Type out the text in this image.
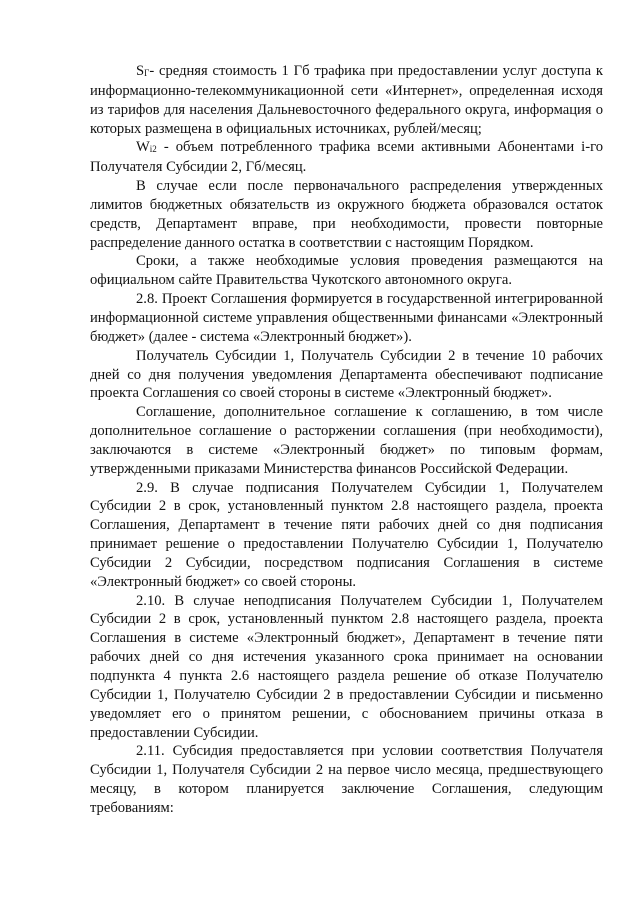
SГ- средняя стоимость 1 Гб трафика при предоставлении услуг доступа к информационно-телекоммуникационной сети «Интернет», определенная исходя из тарифов для населения Дальневосточного федерального округа, информация о которых размещена в официальных источниках, рублей/месяц;

Wi2 - объем потребленного трафика всеми активными Абонентами i-го Получателя Субсидии 2, Гб/месяц.

В случае если после первоначального распределения утвержденных лимитов бюджетных обязательств из окружного бюджета образовался остаток средств, Департамент вправе, при необходимости, провести повторные распределение данного остатка в соответствии с настоящим Порядком.

Сроки, а также необходимые условия проведения размещаются на официальном сайте Правительства Чукотского автономного округа.

2.8. Проект Соглашения формируется в государственной интегрированной информационной системе управления общественными финансами «Электронный бюджет» (далее - система «Электронный бюджет»).

Получатель Субсидии 1, Получатель Субсидии 2 в течение 10 рабочих дней со дня получения уведомления Департамента обеспечивают подписание проекта Соглашения со своей стороны в системе «Электронный бюджет».

Соглашение, дополнительное соглашение к соглашению, в том числе дополнительное соглашение о расторжении соглашения (при необходимости), заключаются в системе «Электронный бюджет» по типовым формам, утвержденными приказами Министерства финансов Российской Федерации.

2.9. В случае подписания Получателем Субсидии 1, Получателем Субсидии 2 в срок, установленный пунктом 2.8 настоящего раздела, проекта Соглашения, Департамент в течение пяти рабочих дней со дня подписания принимает решение о предоставлении Получателю Субсидии 1, Получателю Субсидии 2 Субсидии, посредством подписания Соглашения в системе «Электронный бюджет» со своей стороны.

2.10. В случае неподписания Получателем Субсидии 1, Получателем Субсидии 2 в срок, установленный пунктом 2.8 настоящего раздела, проекта Соглашения в системе «Электронный бюджет», Департамент в течение пяти рабочих дней со дня истечения указанного срока принимает на основании подпункта 4 пункта 2.6 настоящего раздела решение об отказе Получателю Субсидии 1, Получателю Субсидии 2 в предоставлении Субсидии и письменно уведомляет его о принятом решении, с обоснованием причины отказа в предоставлении Субсидии.

2.11. Субсидия предоставляется при условии соответствия Получателя Субсидии 1, Получателя Субсидии 2 на первое число месяца, предшествующего месяцу, в котором планируется заключение Соглашения, следующим требованиям:
